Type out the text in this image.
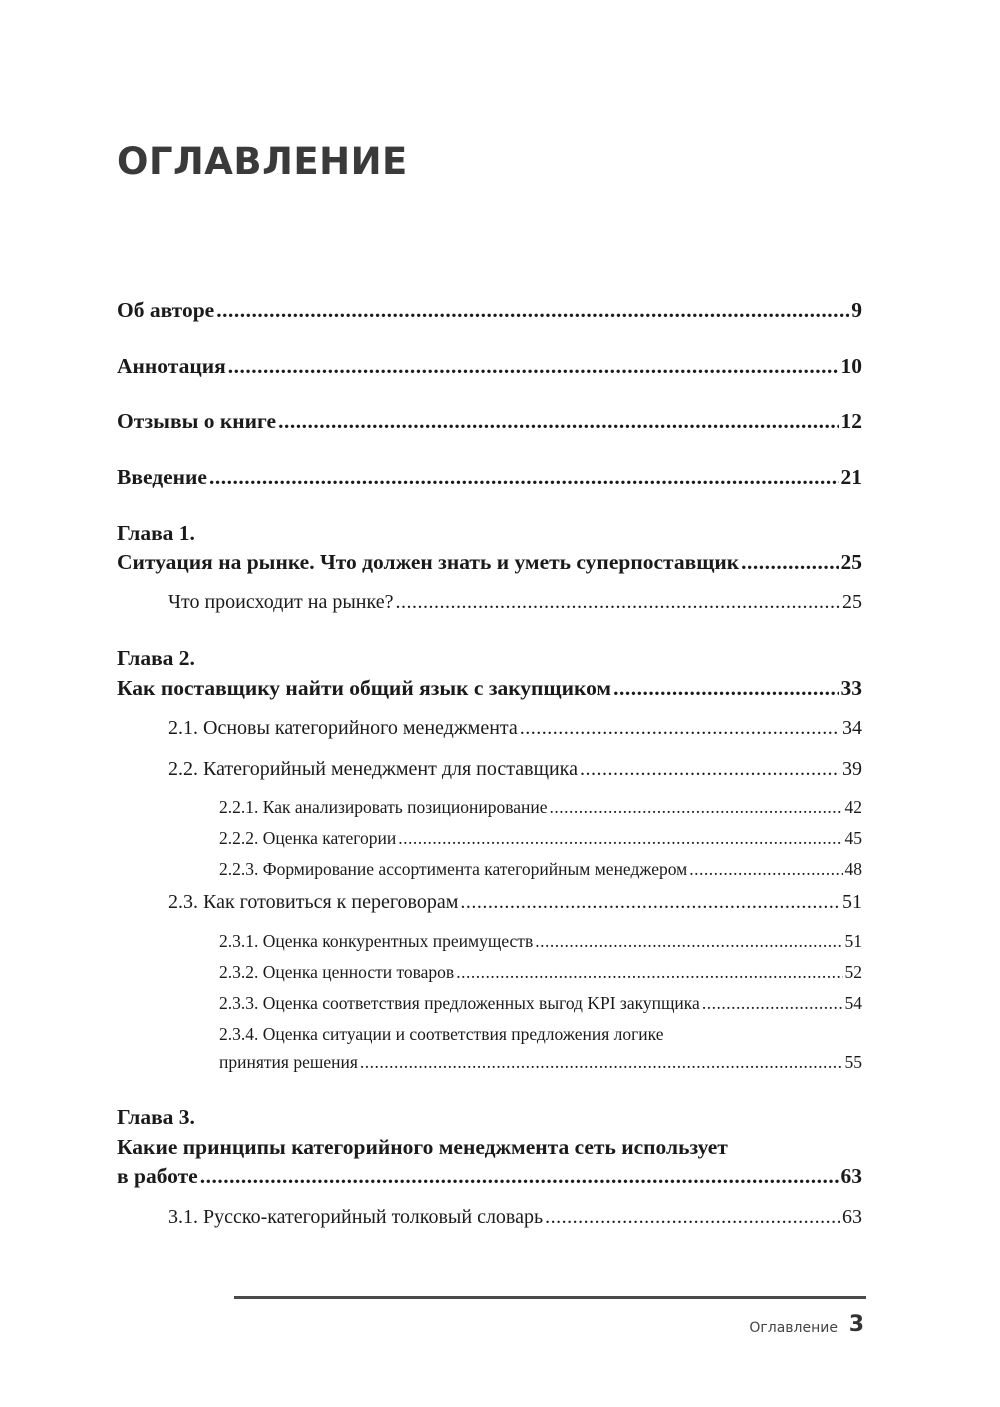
ОГЛАВЛЕНИЕ
Об авторе .....	9
Аннотация .....	10
Отзывы о книге .....	12
Введение .....	21
Глава 1.
Ситуация на рынке. Что должен знать и уметь суперпоставщик .....	25
Что происходит на рынке? .....	25
Глава 2.
Как поставщику найти общий язык с закупщиком .....	33
2.1. Основы категорийного менеджмента .....	34
2.2. Категорийный менеджмент для поставщика .....	39
2.2.1. Как анализировать позиционирование .....	42
2.2.2. Оценка категории .....	45
2.2.3. Формирование ассортимента категорийным менеджером .....	48
2.3. Как готовиться к переговорам .....	51
2.3.1. Оценка конкурентных преимуществ .....	51
2.3.2. Оценка ценности товаров .....	52
2.3.3. Оценка соответствия предложенных выгод KPI закупщика .....	54
2.3.4. Оценка ситуации и соответствия предложения логике
принятия решения .....	55
Глава 3.
Какие принципы категорийного менеджмента сеть использует
в работе .....	63
3.1. Русско-категорийный толковый словарь .....	63
Оглавление 3
